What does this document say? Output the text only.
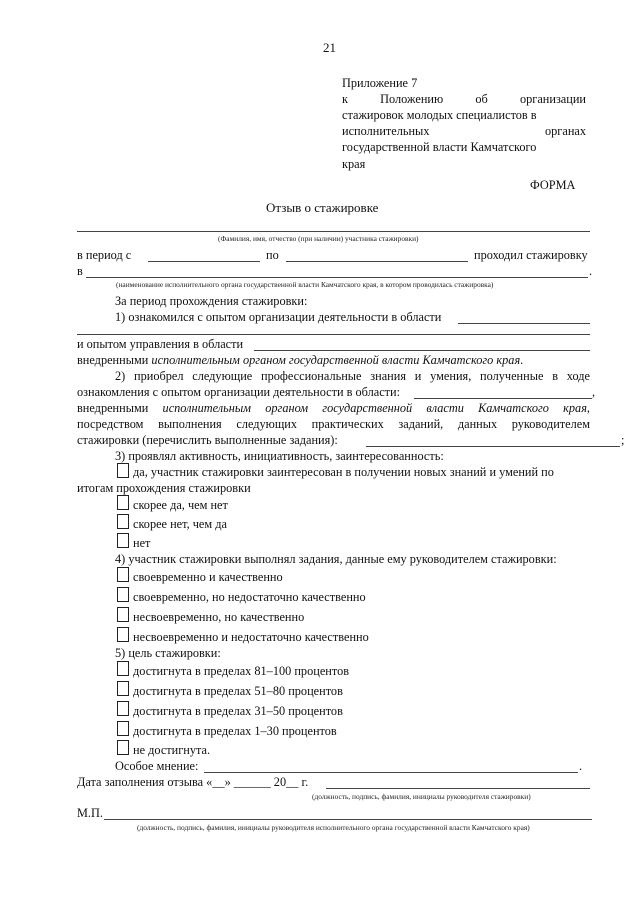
21
Приложение 7
к Положению об организации
стажировок молодых специалистов в
исполнительных органах
государственной власти Камчатского
края
ФОРМА
Отзыв о стажировке
(Фамилия, имя, отчество (при наличии) участника стажировки)
в период с	по	проходил стажировку
в	.
(наименование исполнительного органа государственной власти Камчатского края, в котором проводилась стажировка)
За период прохождения стажировки:
1) ознакомился с опытом организации деятельности в области
и опытом управления в области
внедренными исполнительным органом государственной власти Камчатского края.
2) приобрел следующие профессиональные знания и умения, полученные в ходе
ознакомления с опытом организации деятельности в области:	,
внедренными исполнительным органом государственной власти Камчатского края,
посредством выполнения следующих практических заданий, данных руководителем
стажировки (перечислить выполненные задания):	;
3) проявлял активность, инициативность, заинтересованность:
да, участник стажировки заинтересован в получении новых знаний и умений по
итогам прохождения стажировки
скорее да, чем нет
скорее нет, чем да
нет
4) участник стажировки выполнял задания, данные ему руководителем стажировки:
своевременно и качественно
своевременно, но недостаточно качественно
несвоевременно, но качественно
несвоевременно и недостаточно качественно
5) цель стажировки:
достигнута в пределах 81–100 процентов
достигнута в пределах 51–80 процентов
достигнута в пределах 31–50 процентов
достигнута в пределах 1–30 процентов
не достигнута.
Особое мнение:	.
Дата заполнения отзыва «__» ______ 20__ г.
(должность, подпись, фамилия, инициалы руководителя стажировки)
М.П.
(должность, подпись, фамилия, инициалы руководителя исполнительного органа государственной власти Камчатского края)
